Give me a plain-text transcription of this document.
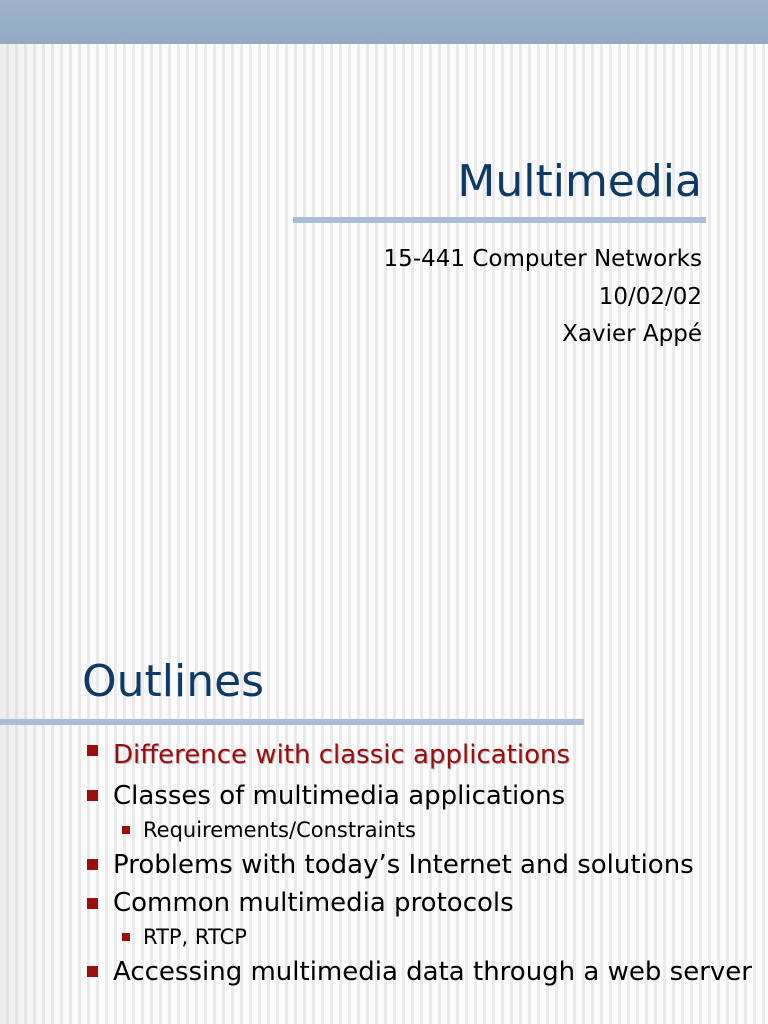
Multimedia
15-441 Computer Networks
10/02/02
Xavier Appé
Outlines
Difference with classic applications
Classes of multimedia applications
Requirements/Constraints
Problems with today’s Internet and solutions
Common multimedia protocols
RTP, RTCP
Accessing multimedia data through a web server
